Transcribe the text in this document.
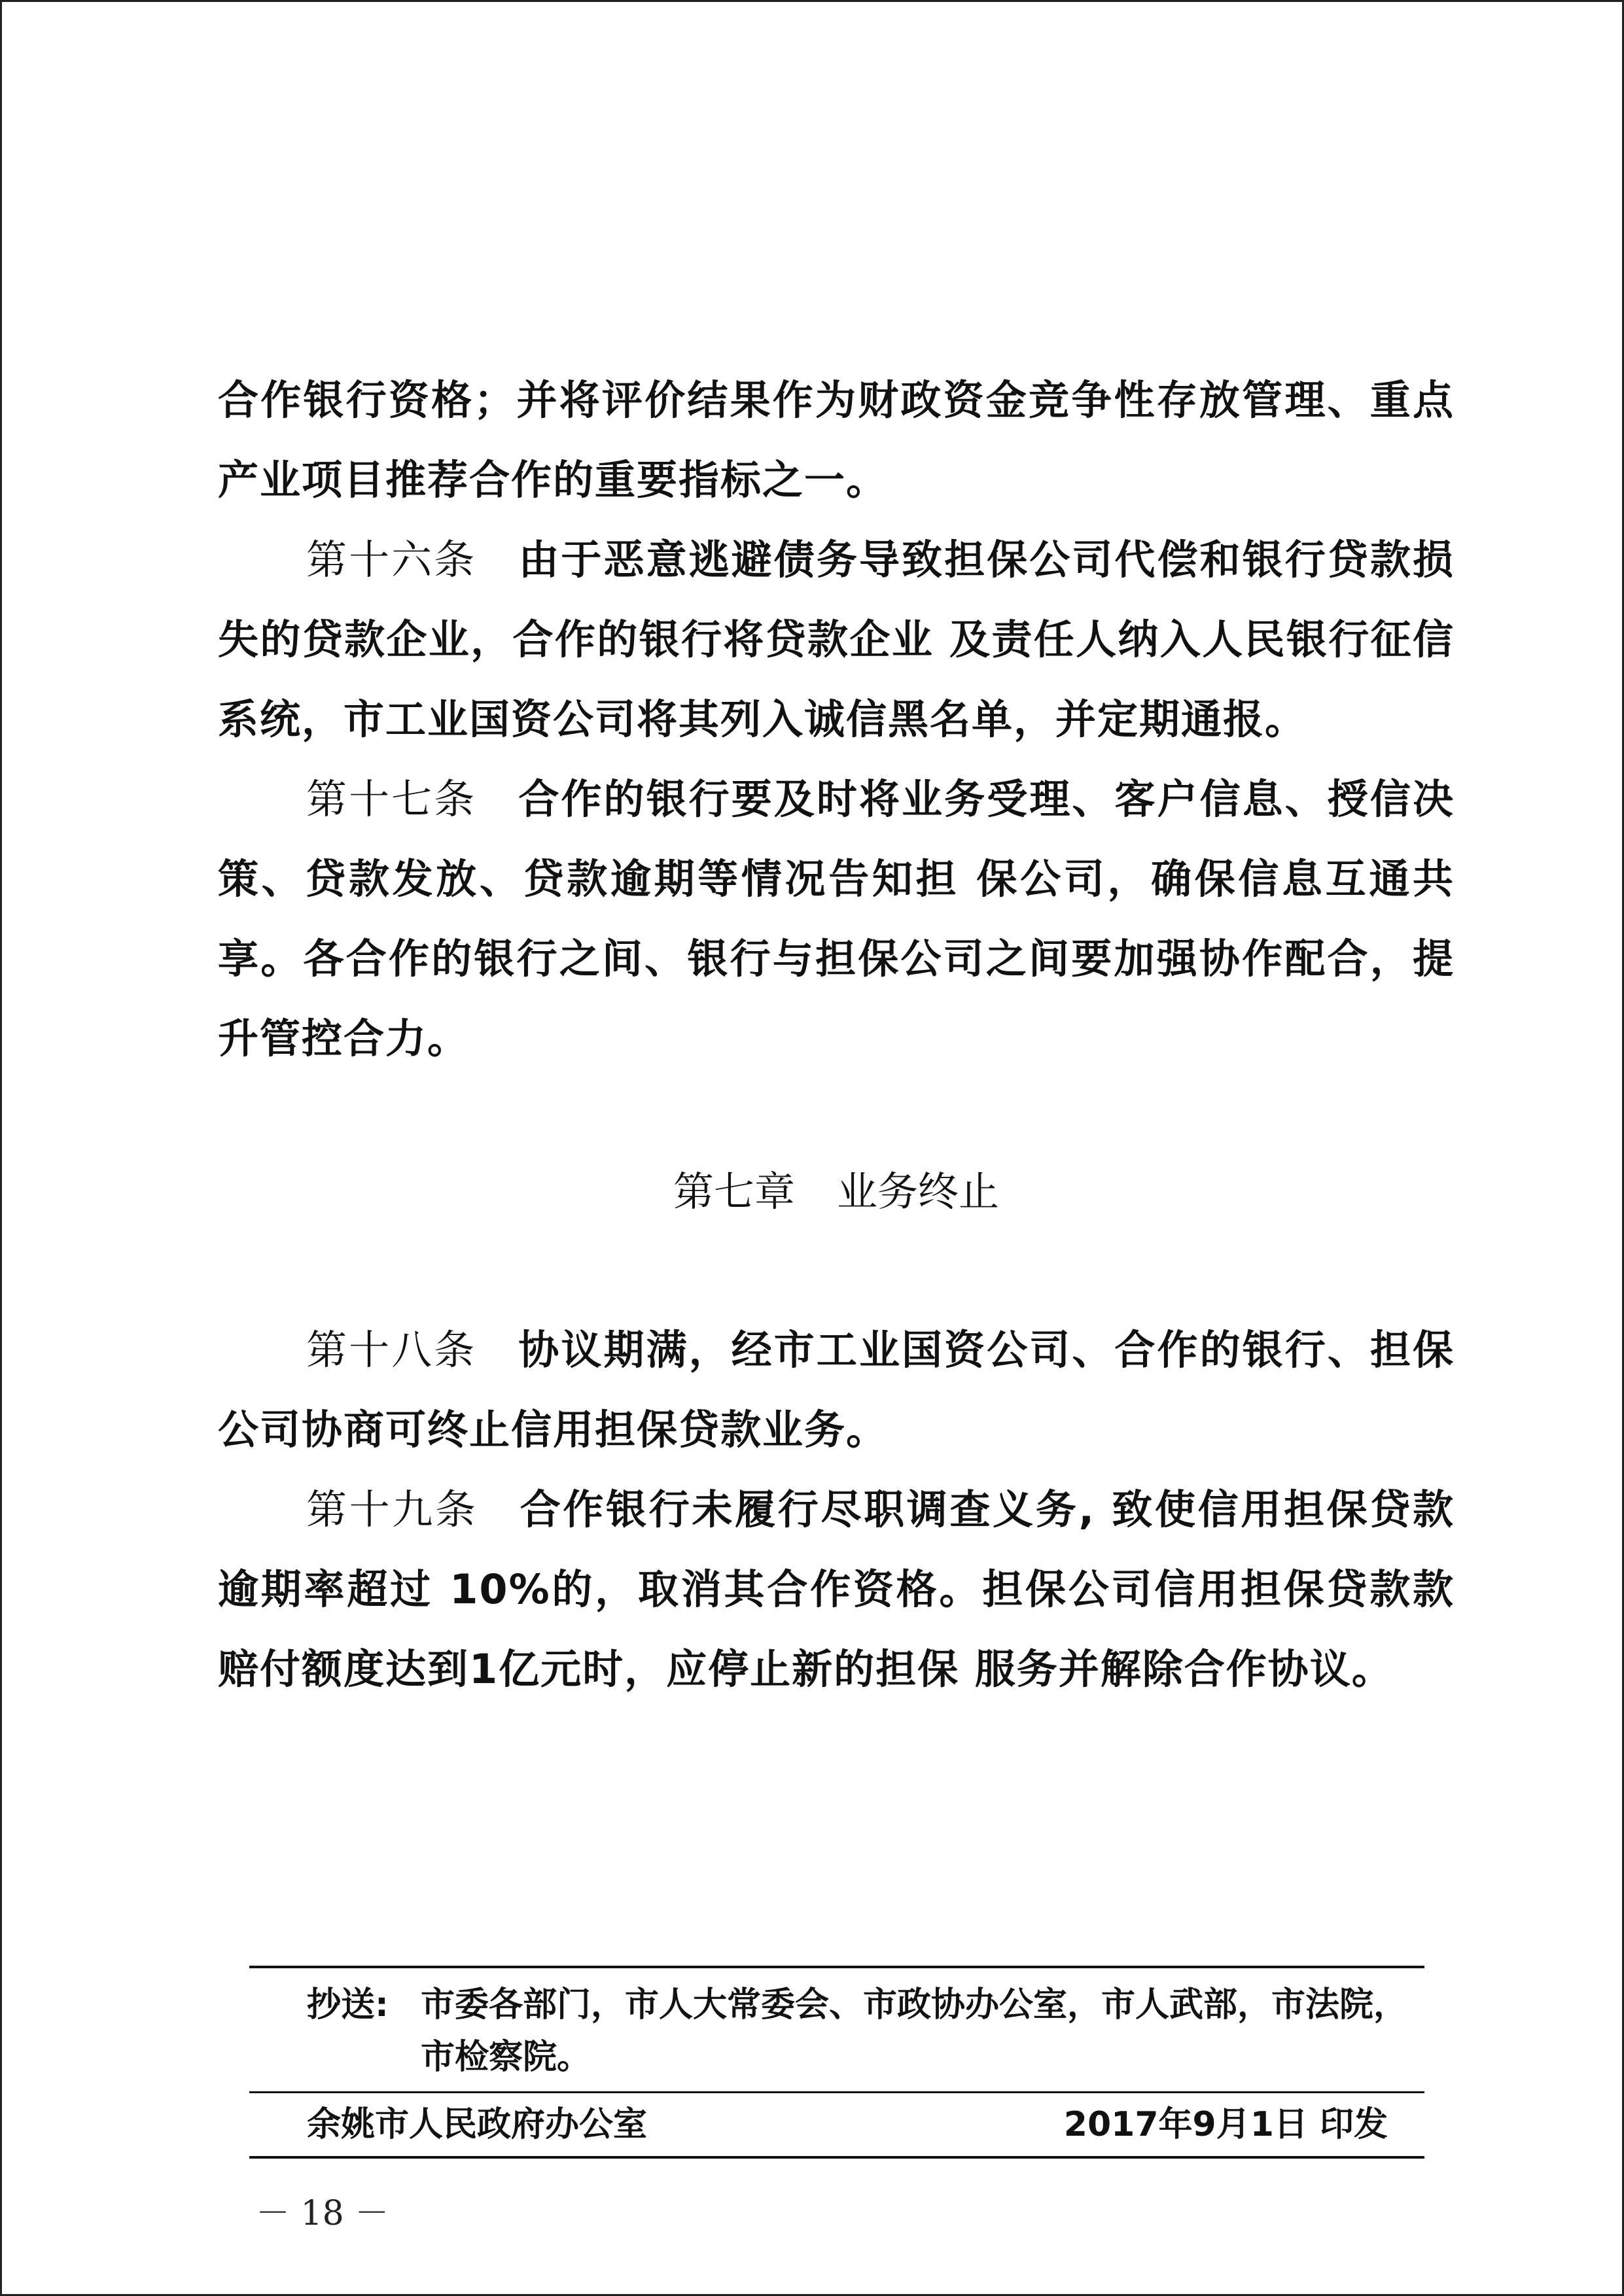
合作银行资格；并将评价结果作为财政资金竞争性存放管理、重点产业项目推荐合作的重要指标之一。

第十六条 由于恶意逃避债务导致担保公司代偿和银行贷款损失的贷款企业，合作的银行将贷款企业 及责任人纳入人民银行征信系统，市工业国资公司将其列入诚信黑名单，并定期通报。

第十七条 合作的银行要及时将业务受理、客户信息、授信决策、贷款发放、贷款逾期等情况告知担 保公司，确保信息互通共享。各合作的银行之间、银行与担保公司之间要加强协作配合，提升管控合力。

第七章 业务终止

第十八条 协议期满，经市工业国资公司、合作的银行、担保公司协商可终止信用担保贷款业务。

第十九条 合作银行未履行尽职调查义务, 致使信用担保贷款逾期率超过 10%的，取消其合作资格。担保公司信用担保贷款款赔付额度达到1亿元时，应停止新的担保 服务并解除合作协议。

抄送: 市委各部门，市人大常委会、市政协办公室，市人武部，市法院，市检察院。
余姚市人民政府办公室	2017年9月1日 印发
－ 18 －
